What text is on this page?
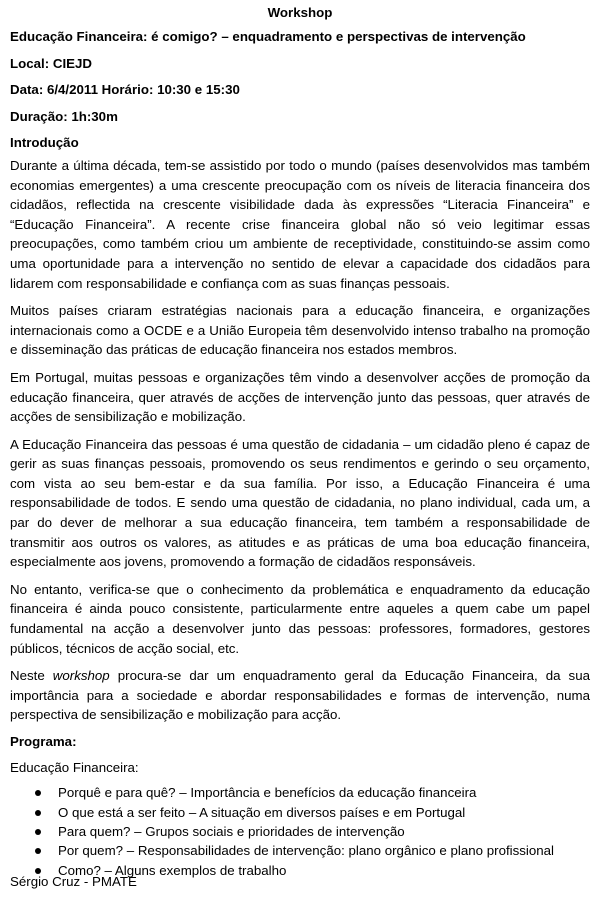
Workshop
Educação Financeira: é comigo? – enquadramento e perspectivas de intervenção
Local: CIEJD
Data: 6/4/2011 Horário: 10:30 e 15:30
Duração: 1h:30m
Introdução
Durante a última década, tem-se assistido por todo o mundo (países desenvolvidos mas também economias emergentes) a uma crescente preocupação com os níveis de literacia financeira dos cidadãos, reflectida na crescente visibilidade dada às expressões “Literacia Financeira” e “Educação Financeira”. A recente crise financeira global não só veio legitimar essas preocupações, como também criou um ambiente de receptividade, constituindo-se assim como uma oportunidade para a intervenção no sentido de elevar a capacidade dos cidadãos para lidarem com responsabilidade e confiança com as suas finanças pessoais.
Muitos países criaram estratégias nacionais para a educação financeira, e organizações internacionais como a OCDE e a União Europeia têm desenvolvido intenso trabalho na promoção e disseminação das práticas de educação financeira nos estados membros.
Em Portugal, muitas pessoas e organizações têm vindo a desenvolver acções de promoção da educação financeira, quer através de acções de intervenção junto das pessoas, quer através de acções de sensibilização e mobilização.
A Educação Financeira das pessoas é uma questão de cidadania – um cidadão pleno é capaz de gerir as suas finanças pessoais, promovendo os seus rendimentos e gerindo o seu orçamento, com vista ao seu bem-estar e da sua família. Por isso, a Educação Financeira é uma responsabilidade de todos. E sendo uma questão de cidadania, no plano individual, cada um, a par do dever de melhorar a sua educação financeira, tem também a responsabilidade de transmitir aos outros os valores, as atitudes e as práticas de uma boa educação financeira, especialmente aos jovens, promovendo a formação de cidadãos responsáveis.
No entanto, verifica-se que o conhecimento da problemática e enquadramento da educação financeira é ainda pouco consistente, particularmente entre aqueles a quem cabe um papel fundamental na acção a desenvolver junto das pessoas: professores, formadores, gestores públicos, técnicos de acção social, etc.
Neste workshop procura-se dar um enquadramento geral da Educação Financeira, da sua importância para a sociedade e abordar responsabilidades e formas de intervenção, numa perspectiva de sensibilização e mobilização para acção.
Programa:
Educação Financeira:
Porquê e para quê? – Importância e benefícios da educação financeira
O que está a ser feito – A situação em diversos países e em Portugal
Para quem? – Grupos sociais e prioridades de intervenção
Por quem? – Responsabilidades de intervenção: plano orgânico e plano profissional
Como? – Alguns exemplos de trabalho
Sérgio Cruz - PMATE
